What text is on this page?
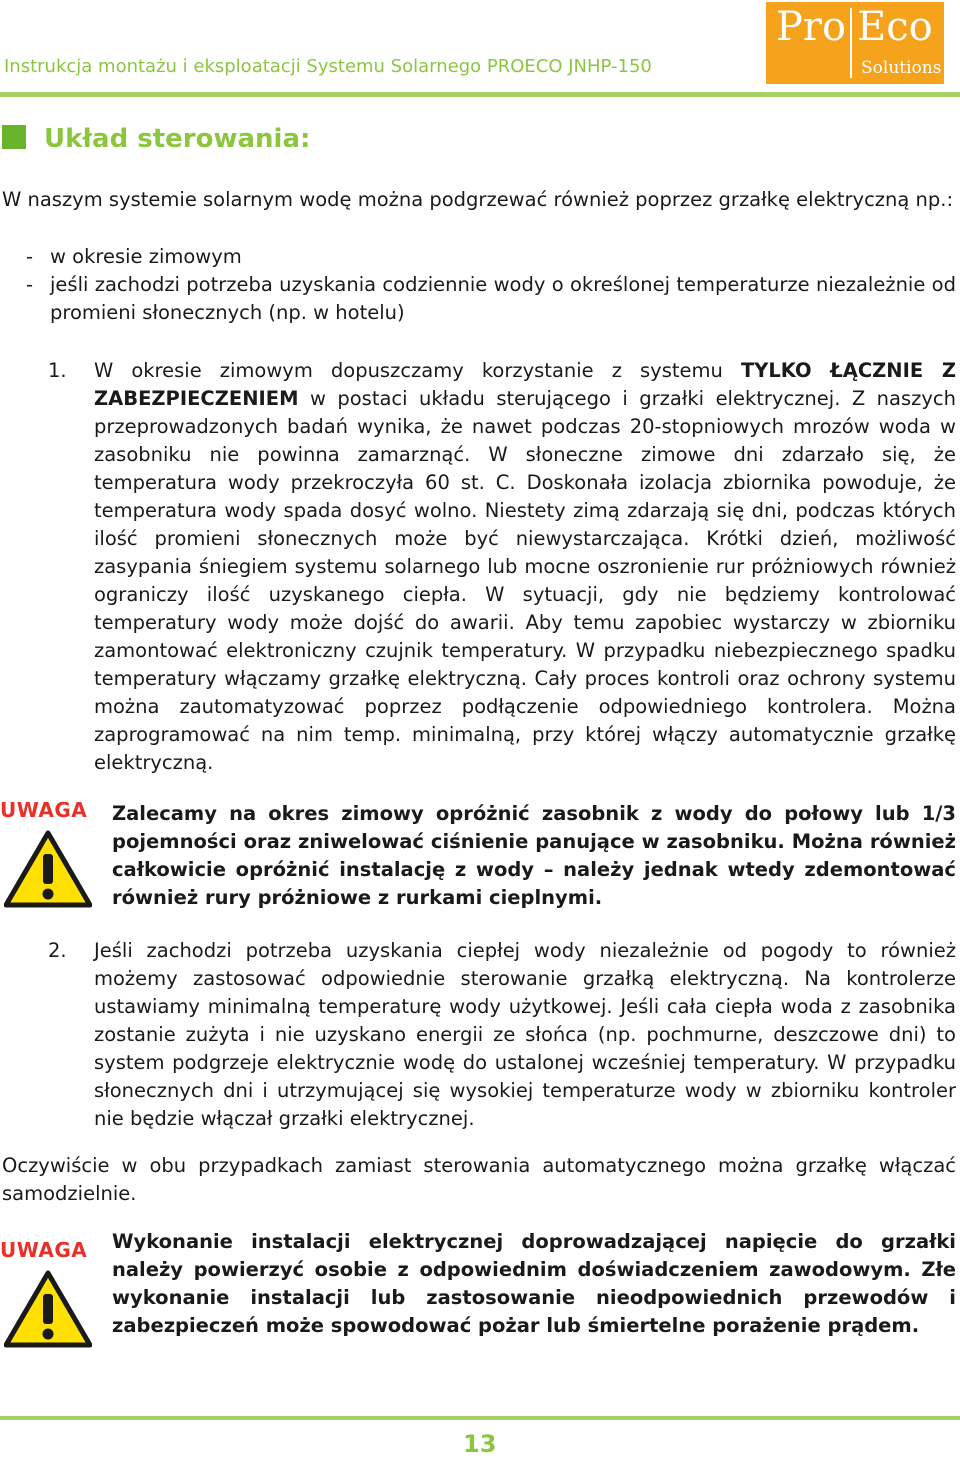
Instrukcja montażu i eksploatacji Systemu Solarnego PROECO JNHP-150
Pro Eco
Solutions
Układ sterowania:

W naszym systemie solarnym wodę można podgrzewać również poprzez grzałkę elektryczną np.:

- w okresie zimowym
- jeśli zachodzi potrzeba uzyskania codziennie wody o określonej temperaturze niezależnie od promieni słonecznych (np. w hotelu)
1. W okresie zimowym dopuszczamy korzystanie z systemu TYLKO ŁĄCZNIE Z ZABEZPIECZENIEM w postaci układu sterującego i grzałki elektrycznej. Z naszych przeprowadzonych badań wynika, że nawet podczas 20-stopniowych mrozów woda w zasobniku nie powinna zamarznąć. W słoneczne zimowe dni zdarzało się, że temperatura wody przekroczyła 60 st. C. Doskonała izolacja zbiornika powoduje, że temperatura wody spada dosyć wolno. Niestety zimą zdarzają się dni, podczas których ilość promieni słonecznych może być niewystarczająca. Krótki dzień, możliwość zasypania śniegiem systemu solarnego lub mocne oszronienie rur próżniowych również ograniczy ilość uzyskanego ciepła. W sytuacji, gdy nie będziemy kontrolować temperatury wody może dojść do awarii. Aby temu zapobiec wystarczy w zbiorniku zamontować elektroniczny czujnik temperatury. W przypadku niebezpiecznego spadku temperatury włączamy grzałkę elektryczną. Cały proces kontroli oraz ochrony systemu można zautomatyzować poprzez podłączenie odpowiedniego kontrolera. Można zaprogramować na nim temp. minimalną, przy której włączy automatycznie grzałkę elektryczną.

UWAGA	Zalecamy na okres zimowy opróżnić zasobnik z wody do połowy lub 1/3 pojemności oraz zniwelować ciśnienie panujące w zasobniku. Można również całkowicie opróżnić instalację z wody – należy jednak wtedy zdemontować również rury próżniowe z rurkami cieplnymi.

2. Jeśli zachodzi potrzeba uzyskania ciepłej wody niezależnie od pogody to również możemy zastosować odpowiednie sterowanie grzałką elektryczną. Na kontrolerze ustawiamy minimalną temperaturę wody użytkowej. Jeśli cała ciepła woda z zasobnika zostanie zużyta i nie uzyskano energii ze słońca (np. pochmurne, deszczowe dni) to system podgrzeje elektrycznie wodę do ustalonej wcześniej temperatury. W przypadku słonecznych dni i utrzymującej się wysokiej temperaturze wody w zbiorniku kontroler nie będzie włączał grzałki elektrycznej.

Oczywiście w obu przypadkach zamiast sterowania automatycznego można grzałkę włączać samodzielnie.

UWAGA	Wykonanie instalacji elektrycznej doprowadzającej napięcie do grzałki należy powierzyć osobie z odpowiednim doświadczeniem zawodowym. Złe wykonanie instalacji lub zastosowanie nieodpowiednich przewodów i zabezpieczeń może spowodować pożar lub śmiertelne porażenie prądem.

13
